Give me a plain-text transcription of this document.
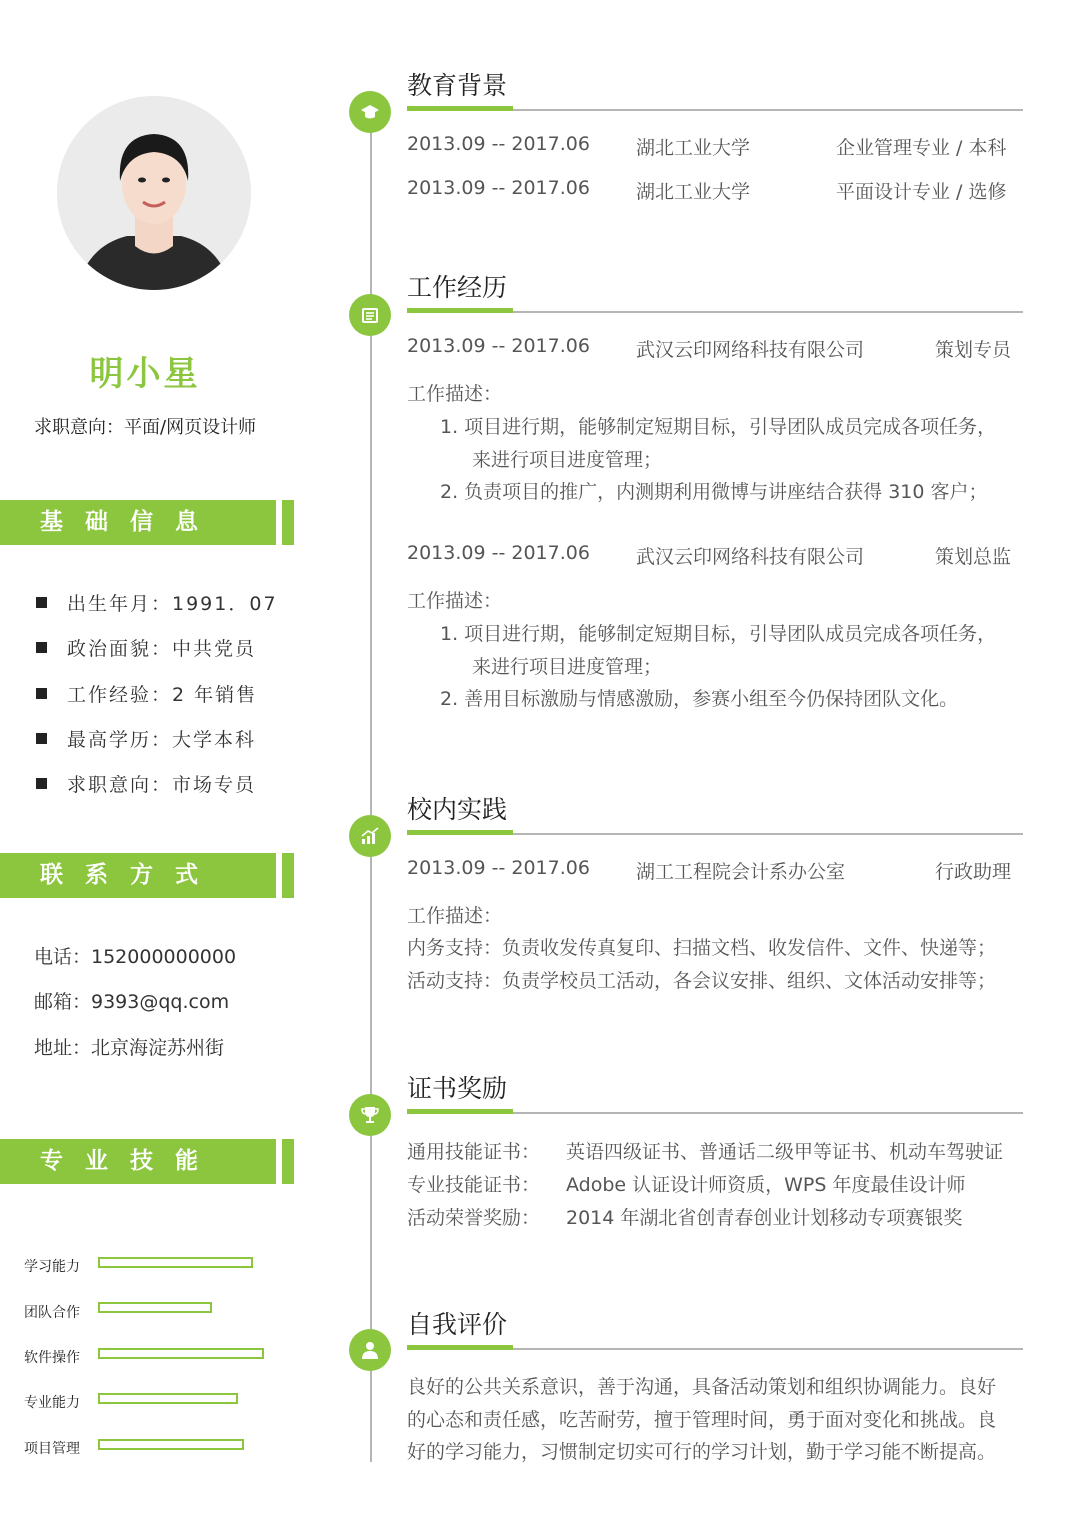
明小星
求职意向：平面/网页设计师
基础信息
出生年月：1991．07
政治面貌：中共党员
工作经验：2 年销售
最高学历：大学本科
求职意向：市场专员
联系方式
电话：152000000000
邮箱：9393@qq.com
地址：北京海淀苏州街
专业技能
学习能力
团队合作
软件操作
专业能力
项目管理
教育背景
2013.09 -- 2017.06 湖北工业大学	企业管理专业 / 本科
2013.09 -- 2017.06 湖北工业大学	平面设计专业 / 选修
工作经历
2013.09 -- 2017.06 武汉云印网络科技有限公司	策划专员
工作描述：
1. 项目进行期，能够制定短期目标，引导团队成员完成各项任务，
来进行项目进度管理；
2. 负责项目的推广，内测期利用微博与讲座结合获得 310 客户；
2013.09 -- 2017.06 武汉云印网络科技有限公司	策划总监
工作描述：
1. 项目进行期，能够制定短期目标，引导团队成员完成各项任务，
来进行项目进度管理；
2. 善用目标激励与情感激励，参赛小组至今仍保持团队文化。
校内实践
2013.09 -- 2017.06 湖工工程院会计系办公室	行政助理
工作描述：
内务支持：负责收发传真复印、扫描文档、收发信件、文件、快递等；
活动支持：负责学校员工活动，各会议安排、组织、文体活动安排等；
证书奖励
通用技能证书： 英语四级证书、普通话二级甲等证书、机动车驾驶证
专业技能证书： Adobe 认证设计师资质，WPS 年度最佳设计师
活动荣誉奖励： 2014 年湖北省创青春创业计划移动专项赛银奖
自我评价
良好的公共关系意识，善于沟通，具备活动策划和组织协调能力。良好
的心态和责任感，吃苦耐劳，擅于管理时间，勇于面对变化和挑战。良
好的学习能力，习惯制定切实可行的学习计划，勤于学习能不断提高。
